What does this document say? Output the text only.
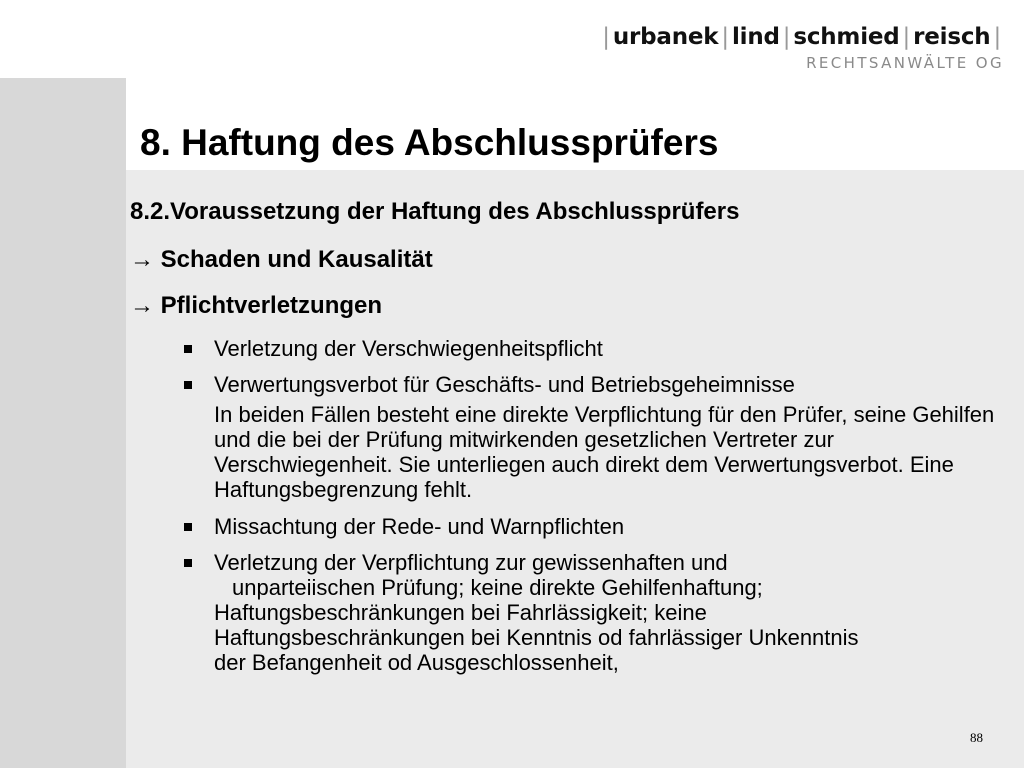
| urbanek | lind | schmied | reisch |
RECHTSANWÄLTE OG
8. Haftung des Abschlussprüfers

8.2.Voraussetzung der Haftung des Abschlussprüfers

→ Schaden und Kausalität

→ Pflichtverletzungen

Verletzung der Verschwiegenheitspflicht
Verwertungsverbot für Geschäfts- und Betriebsgeheimnisse

In beiden Fällen besteht eine direkte Verpflichtung für den Prüfer, seine Gehilfen und die bei der Prüfung mitwirkenden gesetzlichen Vertreter zur Verschwiegenheit. Sie unterliegen auch direkt dem Verwertungsverbot. Eine Haftungsbegrenzung fehlt.

Missachtung der Rede- und Warnpflichten
Verletzung der Verpflichtung zur gewissenhaften und
unparteiischen Prüfung; keine direkte Gehilfenhaftung;
Haftungsbeschränkungen bei Fahrlässigkeit; keine
Haftungsbeschränkungen bei Kenntnis od fahrlässiger Unkenntnis
der Befangenheit od Ausgeschlossenheit,
88
